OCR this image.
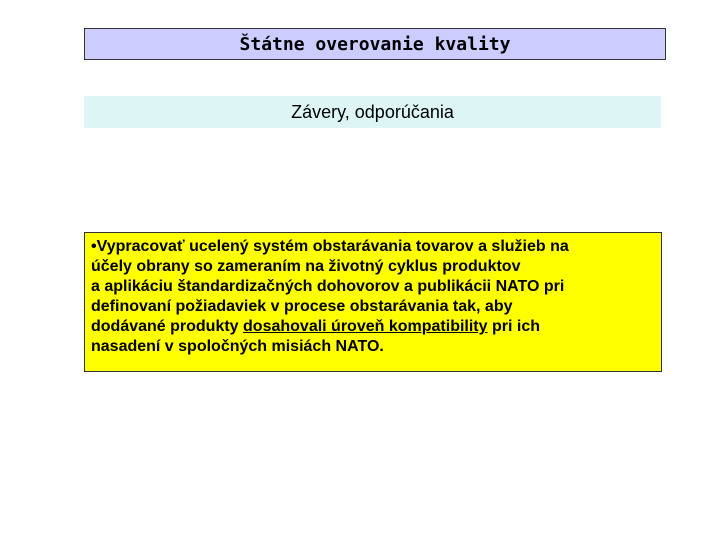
Štátne overovanie kvality
Závery, odporúčania
•Vypracovať ucelený systém obstarávania tovarov a služieb na
účely obrany so zameraním na životný cyklus produktov
a aplikáciu štandardizačných dohovorov a publikácii NATO pri
definovaní požiadaviek v procese obstarávania tak, aby
dodávané produkty dosahovali úroveň kompatibility pri ich
nasadení v spoločných misiách NATO.
